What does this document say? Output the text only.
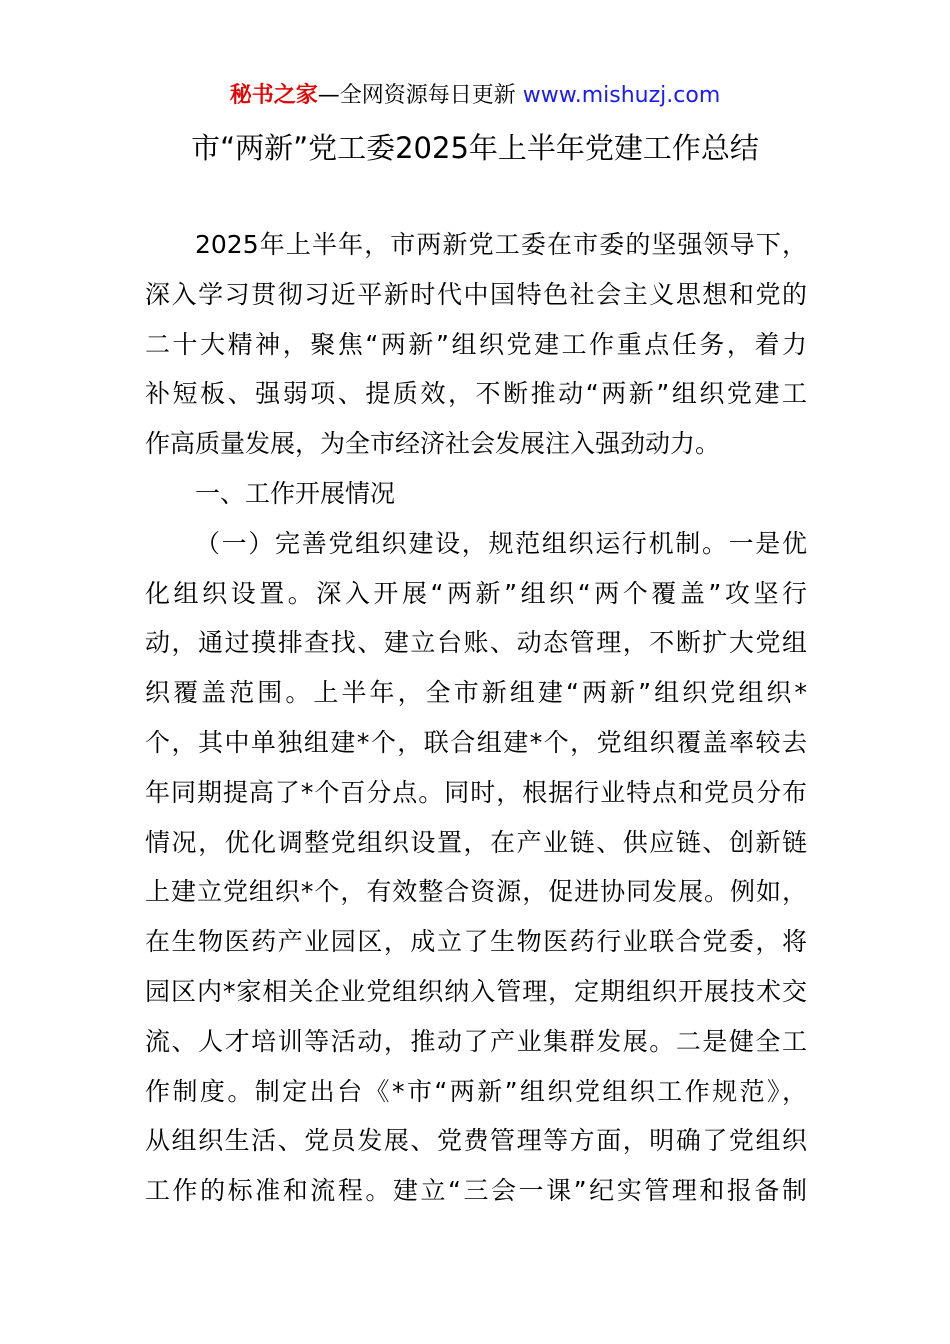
秘书之家—全网资源每日更新 www.mishuzj.com
市“两新”党工委2025年上半年党建工作总结
2025年上半年，市两新党工委在市委的坚强领导下，
深入学习贯彻习近平新时代中国特色社会主义思想和党的
二十大精神，聚焦“两新”组织党建工作重点任务，着力
补短板、强弱项、提质效，不断推动“两新”组织党建工
作高质量发展，为全市经济社会发展注入强劲动力。
一、工作开展情况
（一）完善党组织建设，规范组织运行机制。一是优
化组织设置。深入开展“两新”组织“两个覆盖”攻坚行
动，通过摸排查找、建立台账、动态管理，不断扩大党组
织覆盖范围。上半年，全市新组建“两新”组织党组织*
个，其中单独组建*个，联合组建*个，党组织覆盖率较去
年同期提高了*个百分点。同时，根据行业特点和党员分布
情况，优化调整党组织设置，在产业链、供应链、创新链
上建立党组织*个，有效整合资源，促进协同发展。例如，
在生物医药产业园区，成立了生物医药行业联合党委，将
园区内*家相关企业党组织纳入管理，定期组织开展技术交
流、人才培训等活动，推动了产业集群发展。二是健全工
作制度。制定出台《*市“两新”组织党组织工作规范》，
从组织生活、党员发展、党费管理等方面，明确了党组织
工作的标准和流程。建立“三会一课”纪实管理和报备制
